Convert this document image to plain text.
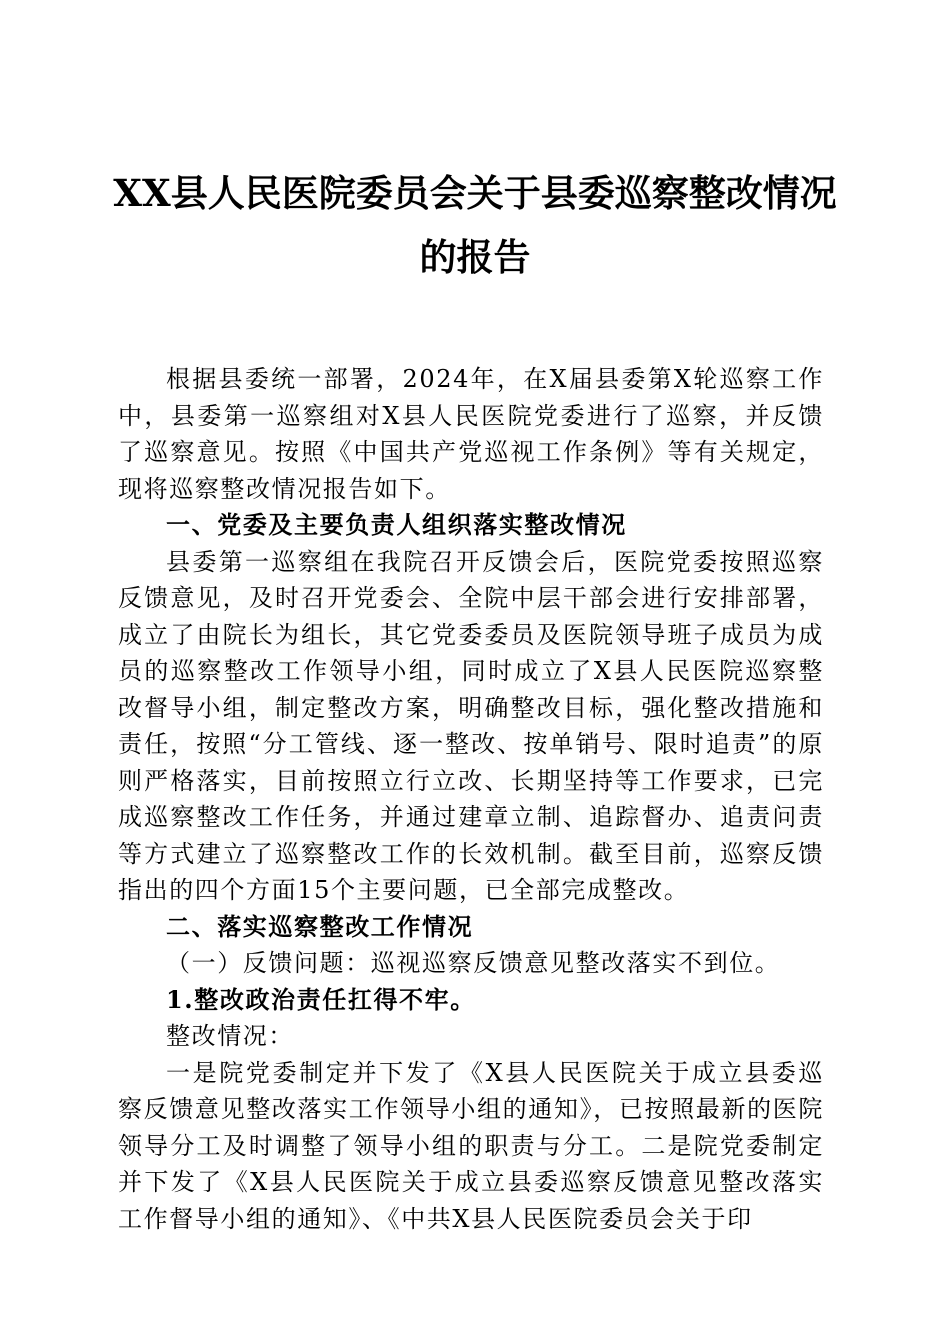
XX县人民医院委员会关于县委巡察整改情况
的报告

根据县委统一部署，2024年，在X届县委第X轮巡察工作中，县委第一巡察组对X县人民医院党委进行了巡察，并反馈了巡察意见。按照《中国共产党巡视工作条例》等有关规定，现将巡察整改情况报告如下。

一、党委及主要负责人组织落实整改情况

县委第一巡察组在我院召开反馈会后，医院党委按照巡察反馈意见，及时召开党委会、全院中层干部会进行安排部署，成立了由院长为组长，其它党委委员及医院领导班子成员为成员的巡察整改工作领导小组，同时成立了X县人民医院巡察整改督导小组，制定整改方案，明确整改目标，强化整改措施和责任，按照“分工管线、逐一整改、按单销号、限时追责”的原则严格落实，目前按照立行立改、长期坚持等工作要求，已完成巡察整改工作任务，并通过建章立制、追踪督办、追责问责等方式建立了巡察整改工作的长效机制。截至目前，巡察反馈指出的四个方面15个主要问题，已全部完成整改。

二、落实巡察整改工作情况

（一）反馈问题：巡视巡察反馈意见整改落实不到位。

1.整改政治责任扛得不牢。

整改情况：

一是院党委制定并下发了《X县人民医院关于成立县委巡察反馈意见整改落实工作领导小组的通知》，已按照最新的医院领导分工及时调整了领导小组的职责与分工。二是院党委制定并下发了《X县人民医院关于成立县委巡察反馈意见整改落实工作督导小组的通知》、《中共X县人民医院委员会关于印
